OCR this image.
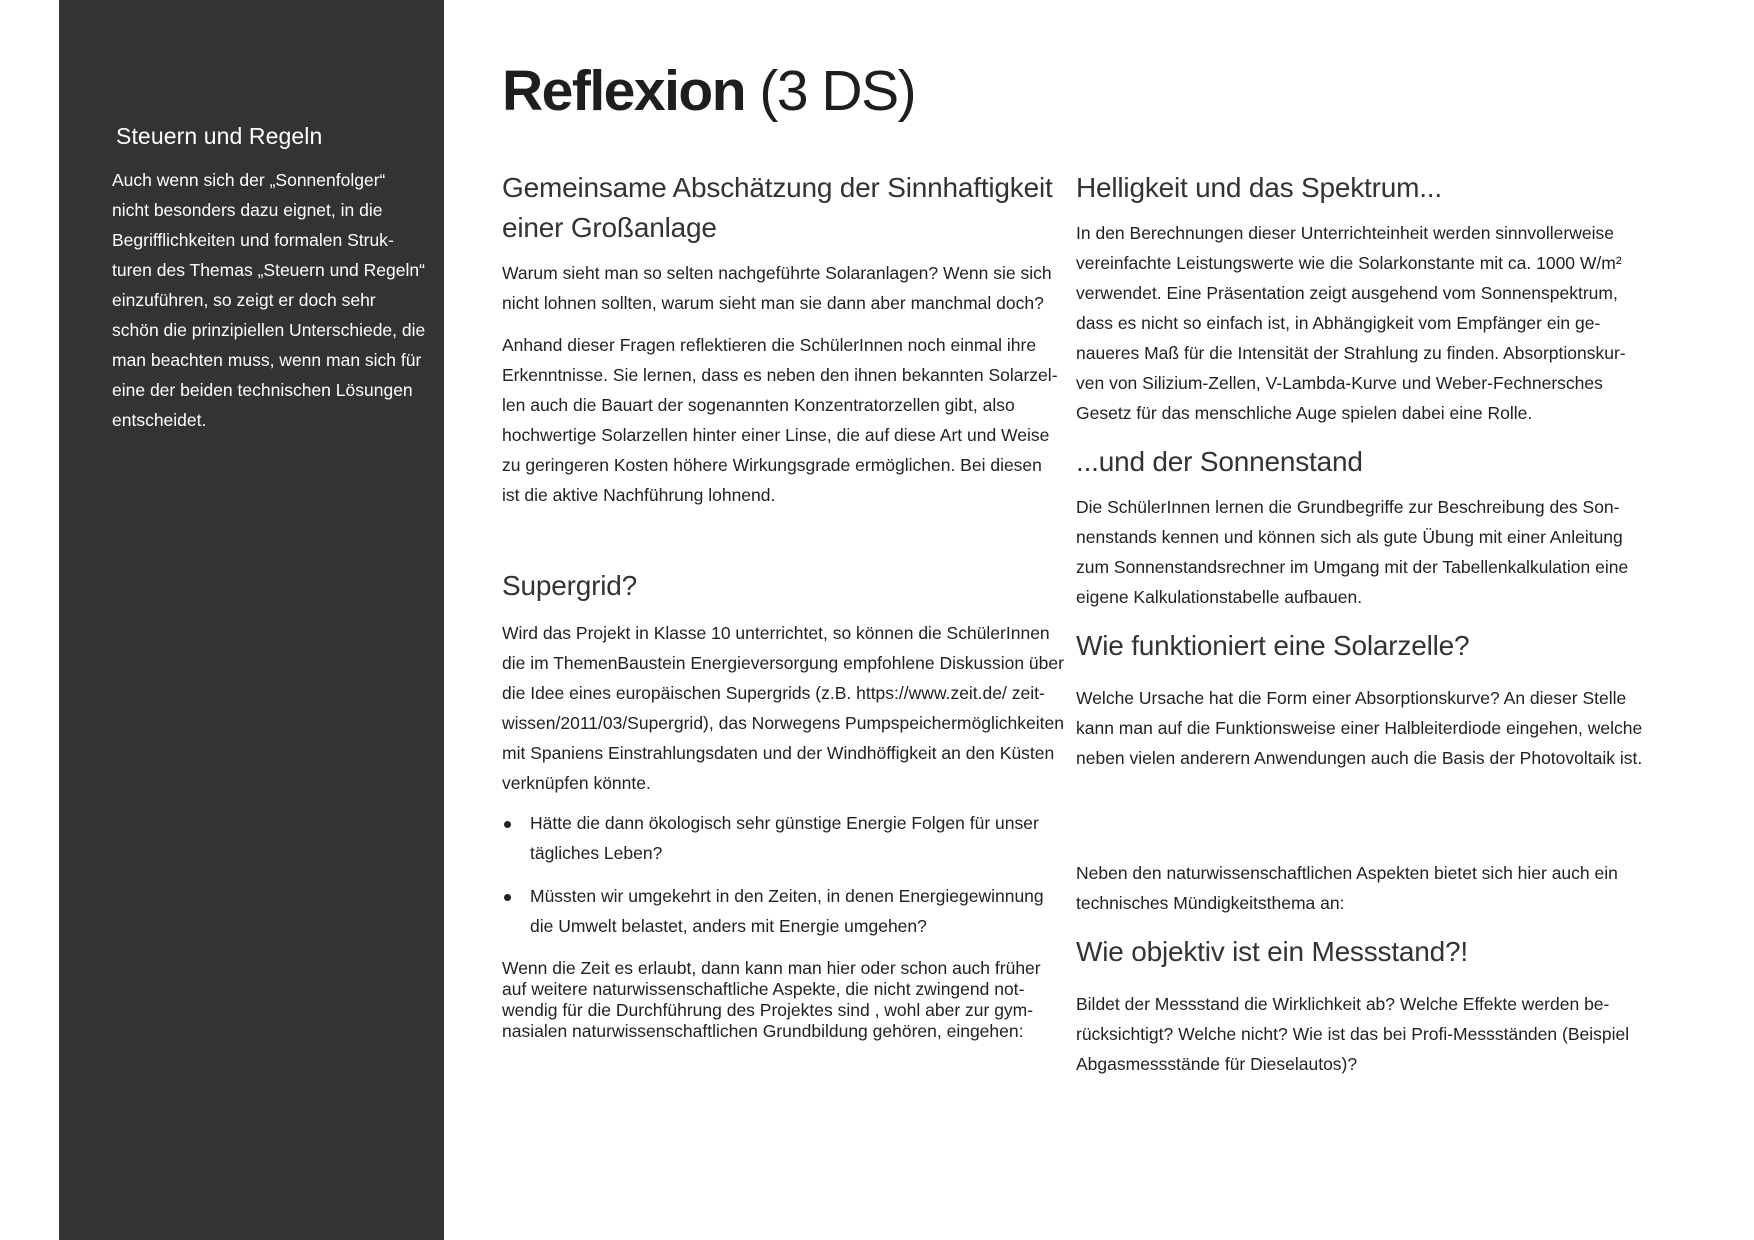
Steuern und Regeln

Auch wenn sich der „Sonnenfolger“ nicht besonders dazu eignet, in die Begrifflichkeiten und formalen Strukturen des Themas „Steuern und Regeln“ einzuführen, so zeigt er doch sehr schön die prinzipiellen Unterschiede, die man beachten muss, wenn man sich für eine der beiden technischen Lösungen entscheidet.

Reflexion (3 DS)
Gemeinsame Abschätzung der Sinnhaftigkeit einer Großanlage

Warum sieht man so selten nachgeführte Solaranlagen? Wenn sie sich nicht lohnen sollten, warum sieht man sie dann aber manchmal doch?

Anhand dieser Fragen reflektieren die SchülerInnen noch einmal ihre Erkenntnisse. Sie lernen, dass es neben den ihnen bekannten Solarzellen auch die Bauart der sogenannten Konzentratorzellen gibt, also hochwertige Solarzellen hinter einer Linse, die auf diese Art und Weise zu geringeren Kosten höhere Wirkungsgrade ermöglichen. Bei diesen ist die aktive Nachführung lohnend.

Supergrid?

Wird das Projekt in Klasse 10 unterrichtet, so können die SchülerInnen die im ThemenBaustein Energieversorgung empfohlene Diskussion über die Idee eines europäischen Supergrids (z.B. https://www.zeit.de/ zeit-wissen/2011/03/Supergrid), das Norwegens Pumpspeichermöglichkeiten mit Spaniens Einstrahlungsdaten und der Windhöffigkeit an den Küsten verknüpfen könnte.

Hätte die dann ökologisch sehr günstige Energie Folgen für unser tägliches Leben?
Müssten wir umgekehrt in den Zeiten, in denen Energiegewinnung die Umwelt belastet, anders mit Energie umgehen?

Wenn die Zeit es erlaubt, dann kann man hier oder schon auch früher auf weitere naturwissenschaftliche Aspekte, die nicht zwingend notwendig für die Durchführung des Projektes sind , wohl aber zur gymnasialen naturwissenschaftlichen Grundbildung gehören, eingehen:

Helligkeit und das Spektrum...

In den Berechnungen dieser Unterrichteinheit werden sinnvollerweise vereinfachte Leistungswerte wie die Solarkonstante mit ca. 1000 W/m² verwendet. Eine Präsentation zeigt ausgehend vom Sonnenspektrum, dass es nicht so einfach ist, in Abhängigkeit vom Empfänger ein genaueres Maß für die Intensität der Strahlung zu finden. Absorptionskurven von Silizium-Zellen, V-Lambda-Kurve und Weber-Fechnersches Gesetz für das menschliche Auge spielen dabei eine Rolle.

...und der Sonnenstand

Die SchülerInnen lernen die Grundbegriffe zur Beschreibung des Sonnenstands kennen und können sich als gute Übung mit einer Anleitung zum Sonnenstandsrechner im Umgang mit der Tabellenkalkulation eine eigene Kalkulationstabelle aufbauen.

Wie funktioniert eine Solarzelle?

Welche Ursache hat die Form einer Absorptionskurve? An dieser Stelle kann man auf die Funktionsweise einer Halbleiterdiode eingehen, welche neben vielen anderern Anwendungen auch die Basis der Photovoltaik ist.

Neben den naturwissenschaftlichen Aspekten bietet sich hier auch ein technisches Mündigkeitsthema an:

Wie objektiv ist ein Messstand?!

Bildet der Messstand die Wirklichkeit ab? Welche Effekte werden berücksichtigt? Welche nicht? Wie ist das bei Profi-Messständen (Beispiel Abgasmessstände für Dieselautos)?
